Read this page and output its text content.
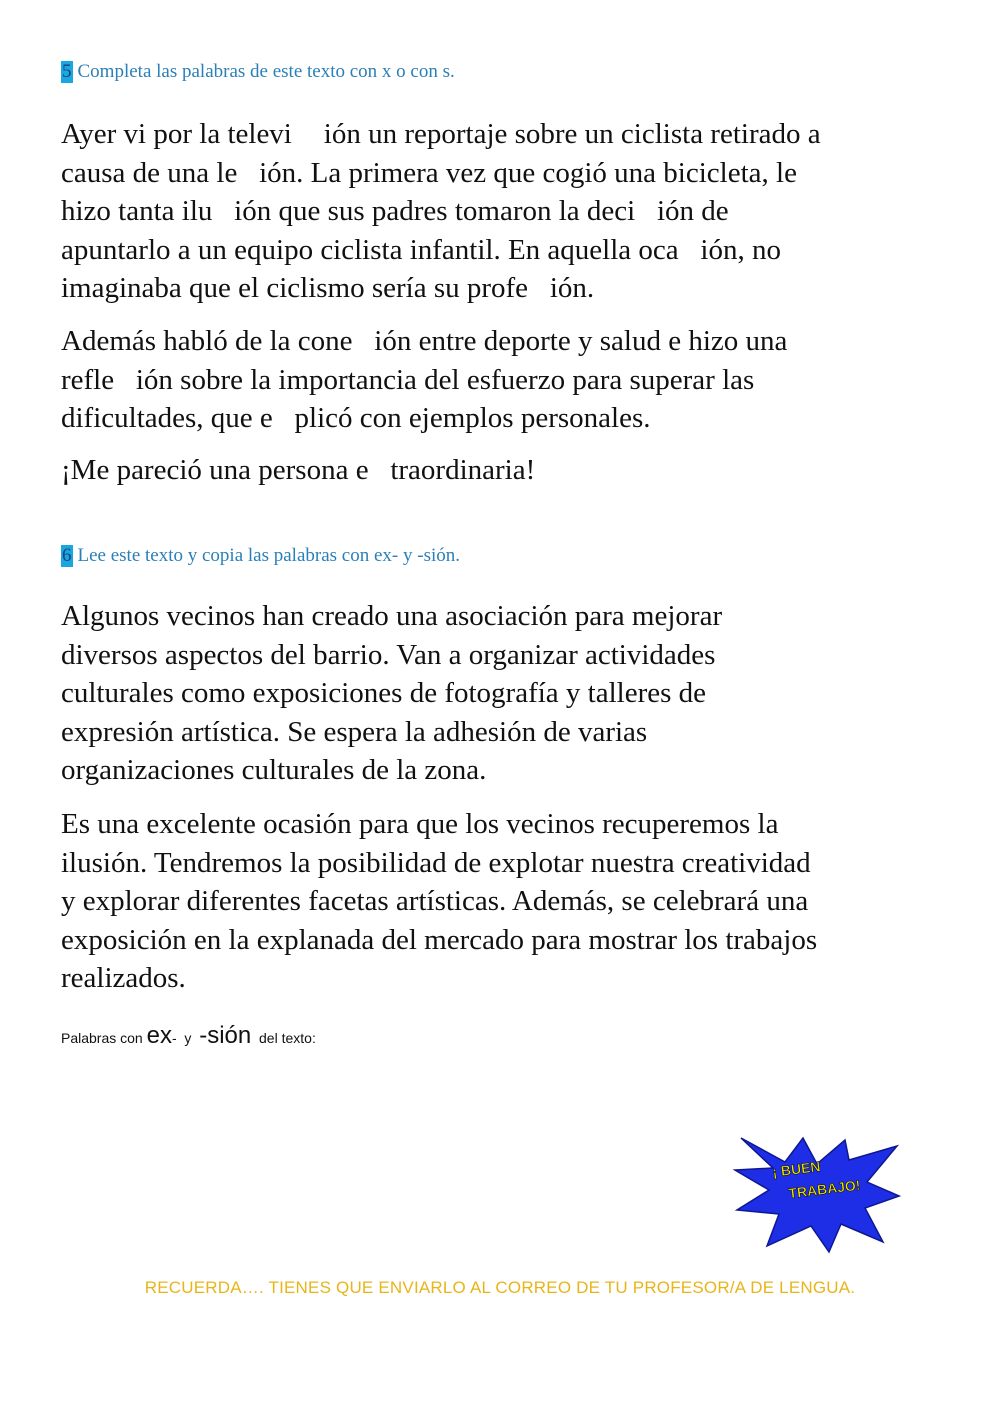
5 Completa las palabras de este texto con x o con s.
Ayer vi por la televi ión un reportaje sobre un ciclista retirado a
causa de una le ión. La primera vez que cogió una bicicleta, le
hizo tanta ilu ión que sus padres tomaron la deci ión de
apuntarlo a un equipo ciclista infantil. En aquella oca ión, no
imaginaba que el ciclismo sería su profe ión.
Además habló de la cone ión entre deporte y salud e hizo una
refle ión sobre la importancia del esfuerzo para superar las
dificultades, que e plicó con ejemplos personales.
¡Me pareció una persona e traordinaria!
6 Lee este texto y copia las palabras con ex- y -sión.
Algunos vecinos han creado una asociación para mejorar
diversos aspectos del barrio. Van a organizar actividades
culturales como exposiciones de fotografía y talleres de
expresión artística. Se espera la adhesión de varias
organizaciones culturales de la zona.
Es una excelente ocasión para que los vecinos recuperemos la
ilusión. Tendremos la posibilidad de explotar nuestra creatividad
y explorar diferentes facetas artísticas. Además, se celebrará una
exposición en la explanada del mercado para mostrar los trabajos
realizados.
Palabras con ex-  y  -sión  del texto:
¡ BUEN
TRABAJO!
RECUERDA…. TIENES QUE ENVIARLO AL CORREO DE TU PROFESOR/A DE LENGUA.
